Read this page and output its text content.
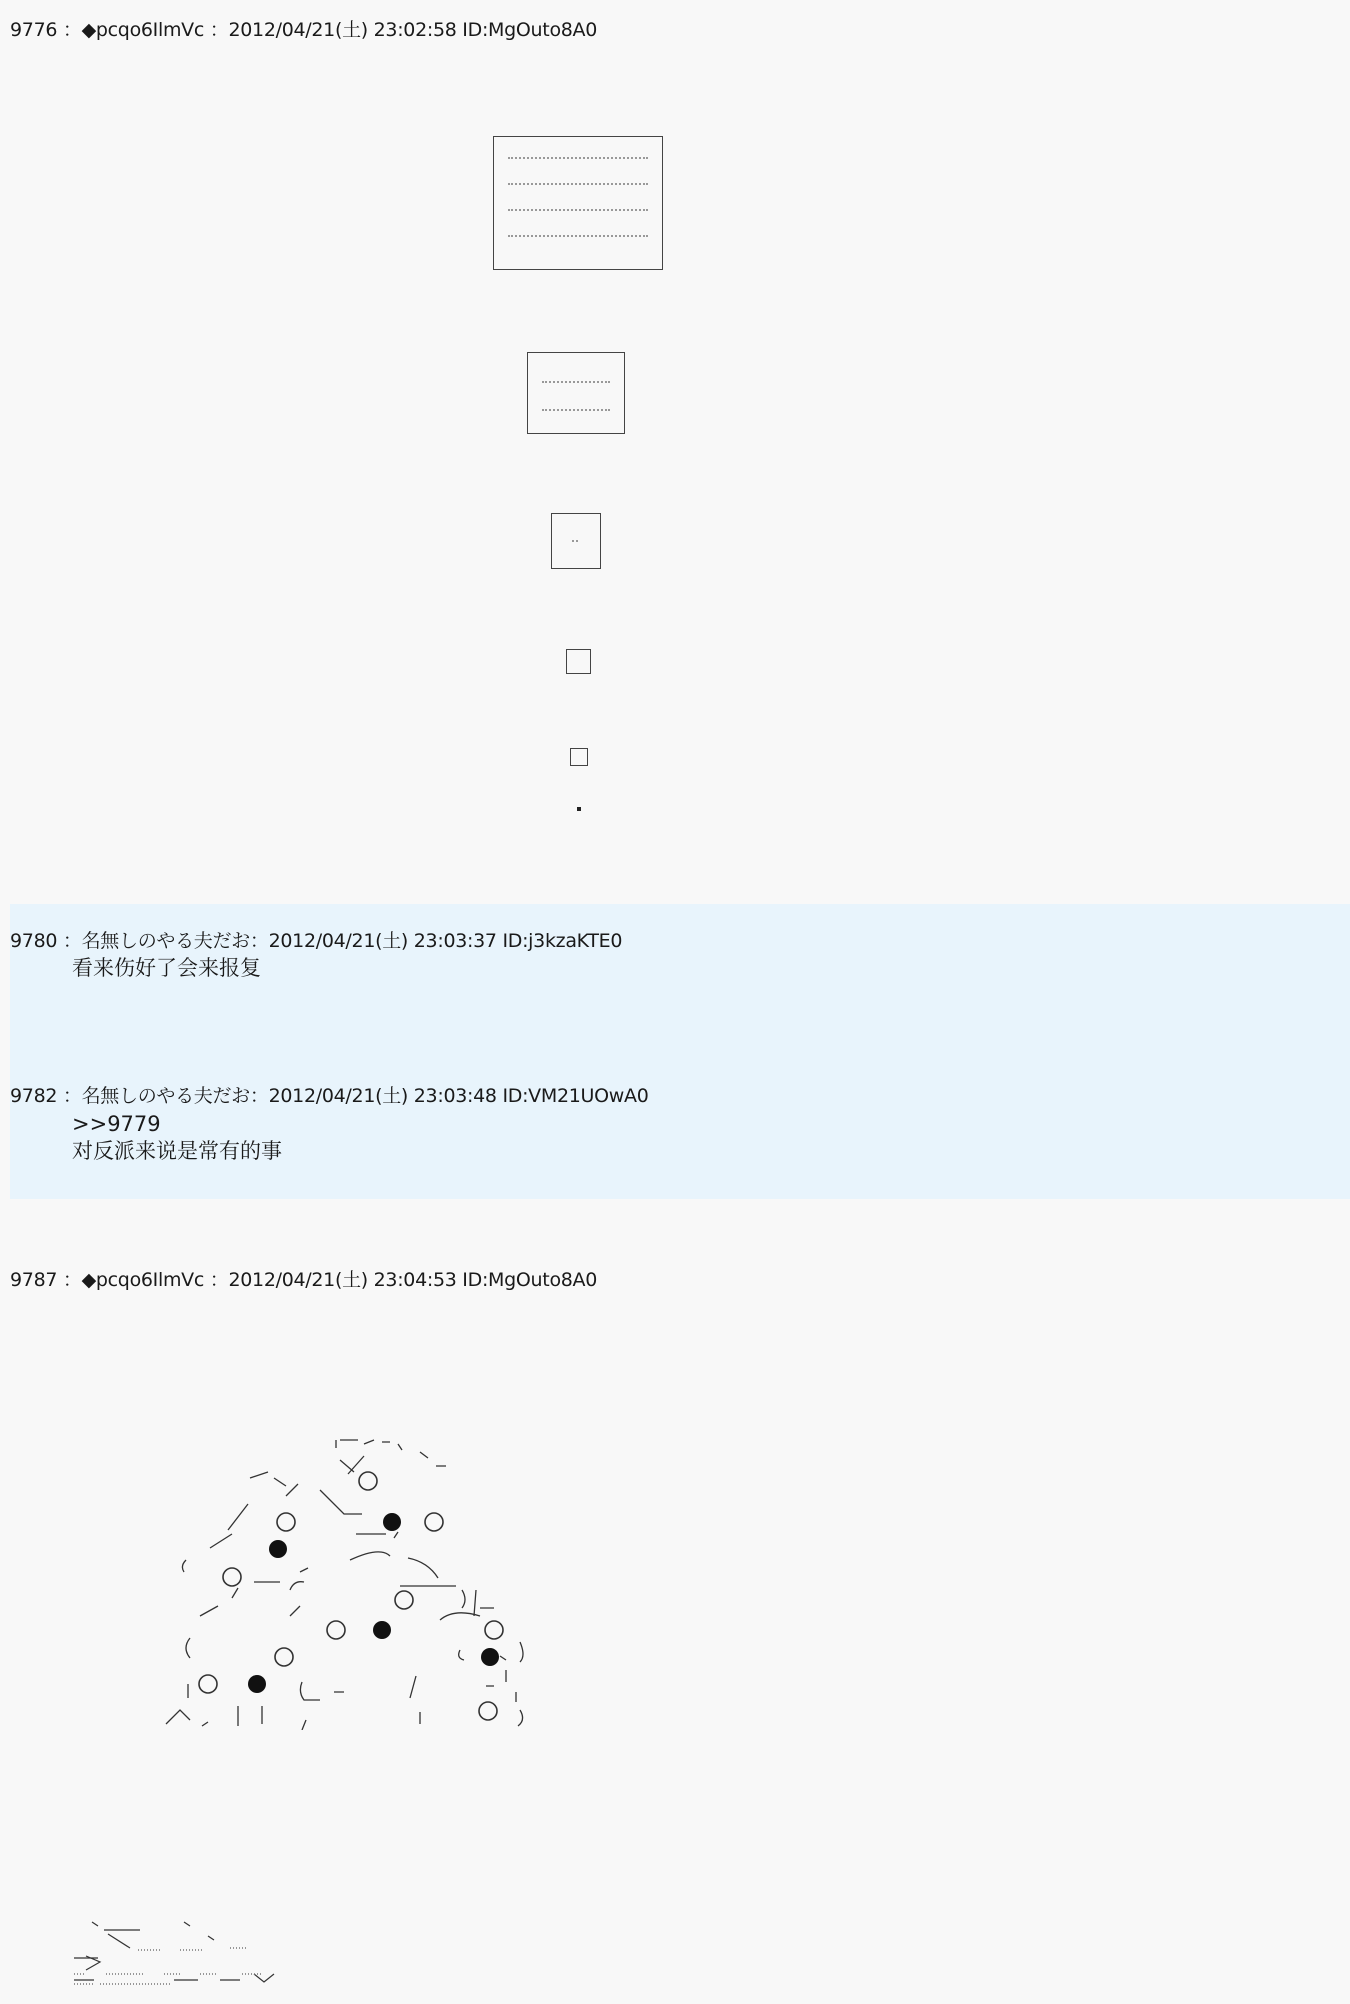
9776 ：◆pcqo6IlmVc ：2012/04/21(土) 23:02:58 ID:MgOuto8A0

9780 ：名無しのやる夫だお：2012/04/21(土) 23:03:37 ID:j3kzaKTE0
看来伤好了会来报复
9782 ：名無しのやる夫だお：2012/04/21(土) 23:03:48 ID:VM21UOwA0
>>9779
对反派来说是常有的事
9787 ：◆pcqo6IlmVc ：2012/04/21(土) 23:04:53 ID:MgOuto8A0
